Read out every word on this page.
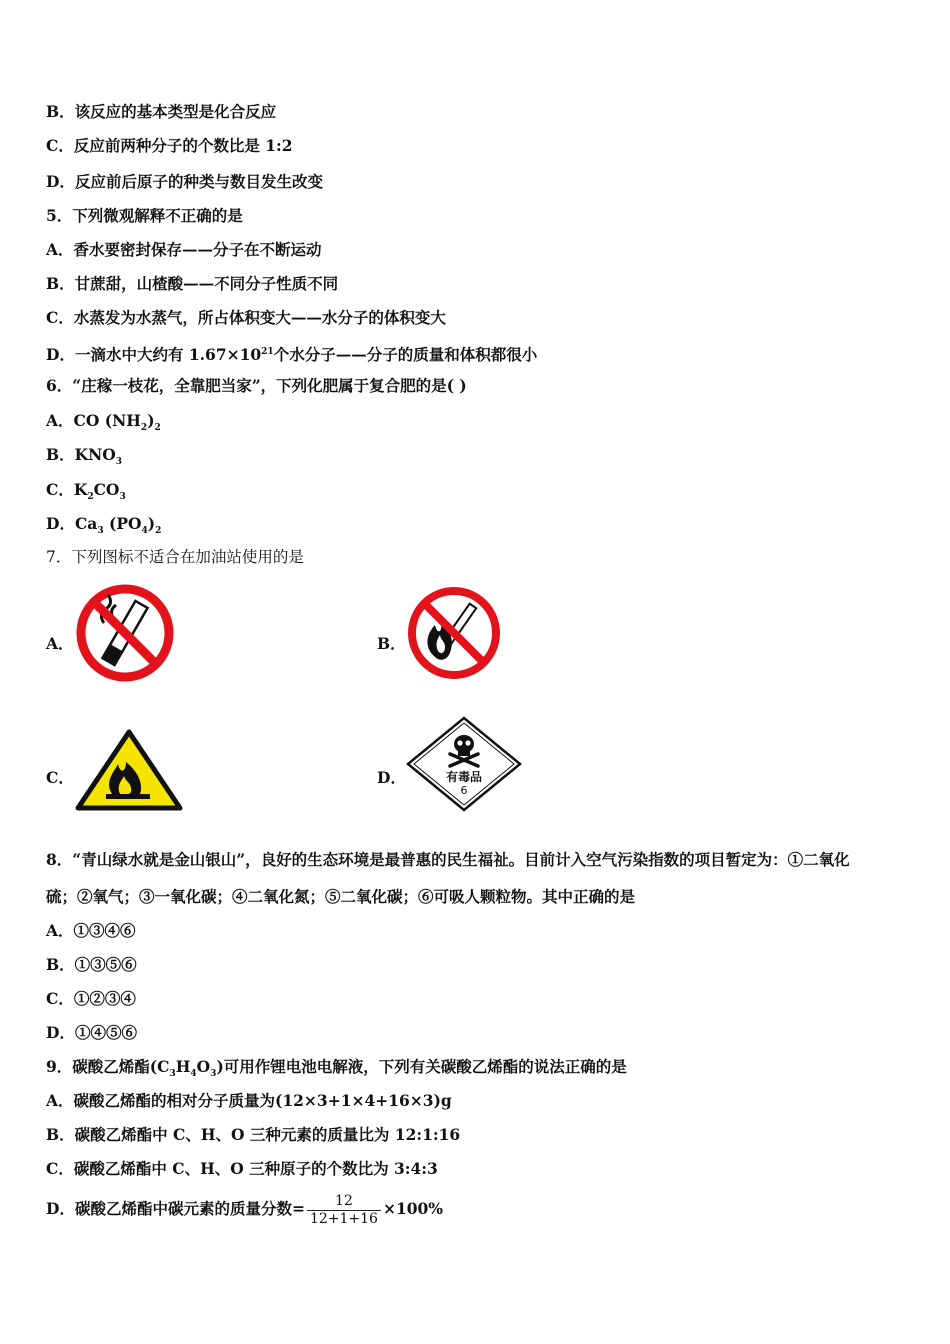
B．该反应的基本类型是化合反应
C．反应前两种分子的个数比是 1:2
D．反应前后原子的种类与数目发生改变
5．下列微观解释不正确的是
A．香水要密封保存——分子在不断运动
B．甘蔗甜，山楂酸——不同分子性质不同
C．水蒸发为水蒸气，所占体积变大——水分子的体积变大
D．一滴水中大约有 $1.67\times 10^{21}$个水分子——分子的质量和体积都很小
6．“庄稼一枝花，全靠肥当家”，下列化肥属于复合肥的是( )
A．CO $(NH_2)_2$
B．$KNO_3$
C．$K_2CO_3$
D．$Ca_3$ $(PO_4)_2$
7．下列图标不适合在加油站使用的是
A．	B．
C．	D．	有毒品
6
8．“青山绿水就是金山银山”，良好的生态环境是最普惠的民生福祉。目前计入空气污染指数的项目暂定为：①二氧化
硫；②氧气；③一氧化碳；④二氧化氮；⑤二氧化碳；⑥可吸人颗粒物。其中正确的是
A．①③④⑥
B．①③⑤⑥
C．①②③④
D．①④⑤⑥
9．碳酸乙烯酯$(C_3H_4O_3)$可用作锂电池电解液，下列有关碳酸乙烯酯的说法正确的是
A．碳酸乙烯酯的相对分子质量为(12×3+1×4+16×3)g
B．碳酸乙烯酯中 C、H、O 三种元素的质量比为 12:1:16
C．碳酸乙烯酯中 C、H、O 三种原子的个数比为 3:4:3
D．碳酸乙烯酯中碳元素的质量分数= $\frac{12}{12+1+16} \times 100\%$
